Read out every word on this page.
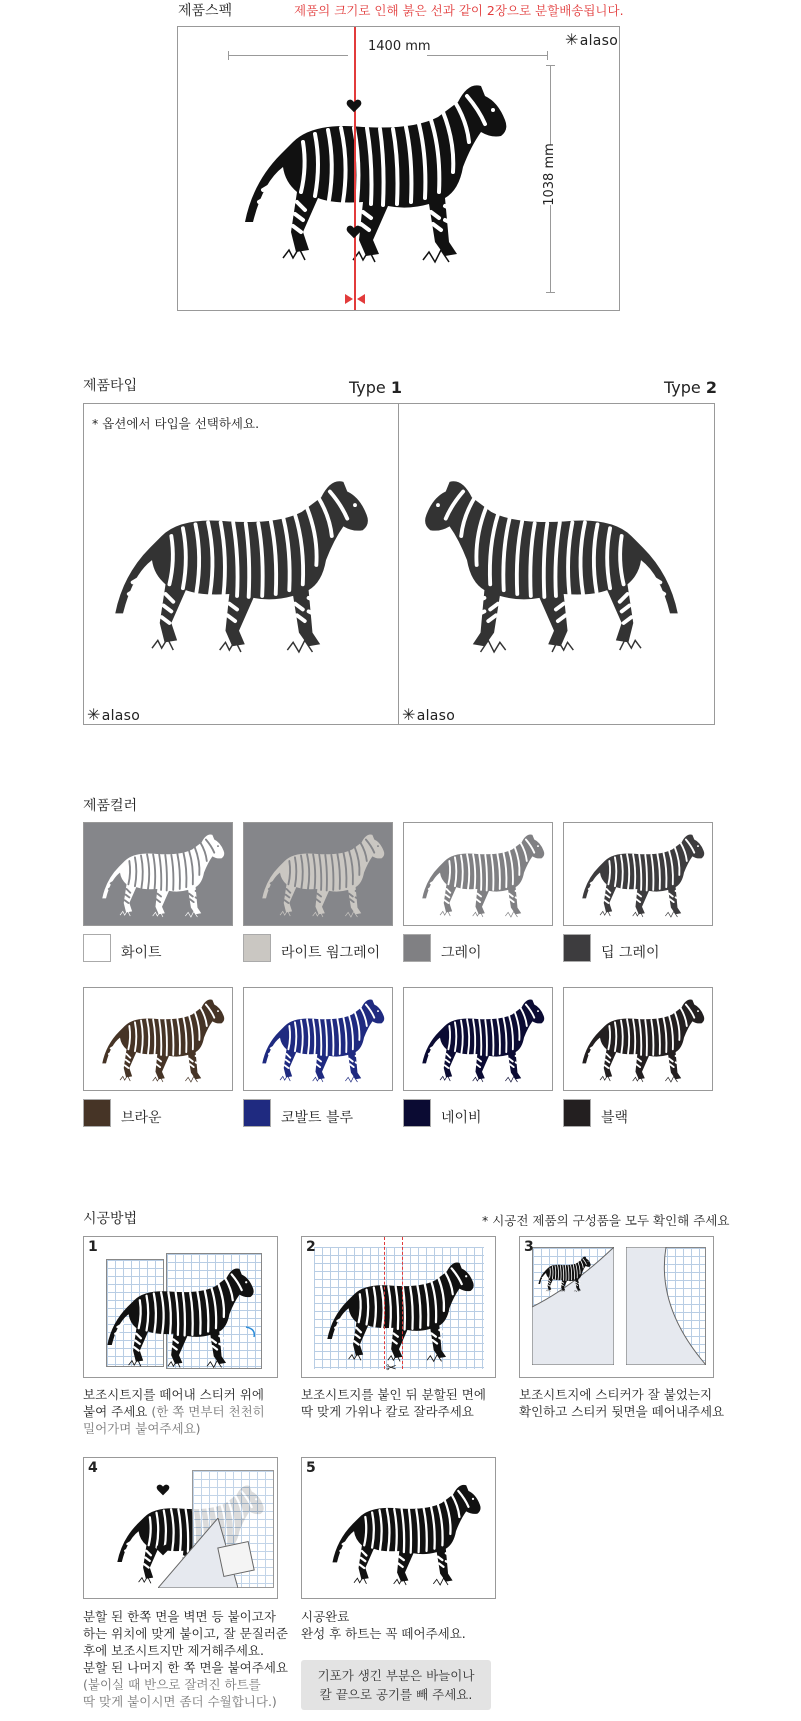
제품스펙	제품의 크기로 인해 붉은 선과 같이 2장으로 분할배송됩니다.
1400 mm	✳alaso
1038 mm
제품타입	Type 1	Type 2
* 옵션에서 타입을 선택하세요.
✳alaso	✳alaso
제품컬러
화이트	라이트 웜그레이	그레이	딥 그레이
브라운	코발트 블루	네이비	블랙
시공방법	* 시공전 제품의 구성품을 모두 확인해 주세요
1
보조시트지를 떼어내 스티커 위에
붙여 주세요 (한 쪽 면부터 천천히
밀어가며 붙여주세요)
✂
2
보조시트지를 붙인 뒤 분할된 면에
딱 맞게 가위나 칼로 잘라주세요
3
보조시트지에 스티커가 잘 붙었는지
확인하고 스티커 뒷면을 떼어내주세요
4
분할 된 한쪽 면을 벽면 등 붙이고자
하는 위치에 맞게 붙이고, 잘 문질러준
후에 보조시트지만 제거해주세요.
분할 된 나머지 한 쪽 면을 붙여주세요
(붙이실 때 반으로 잘려진 하트를
딱 맞게 붙이시면 좀더 수월합니다.)
5
시공완료
완성 후 하트는 꼭 떼어주세요.
기포가 생긴 부분은 바늘이나
칼 끝으로 공기를 빼 주세요.
